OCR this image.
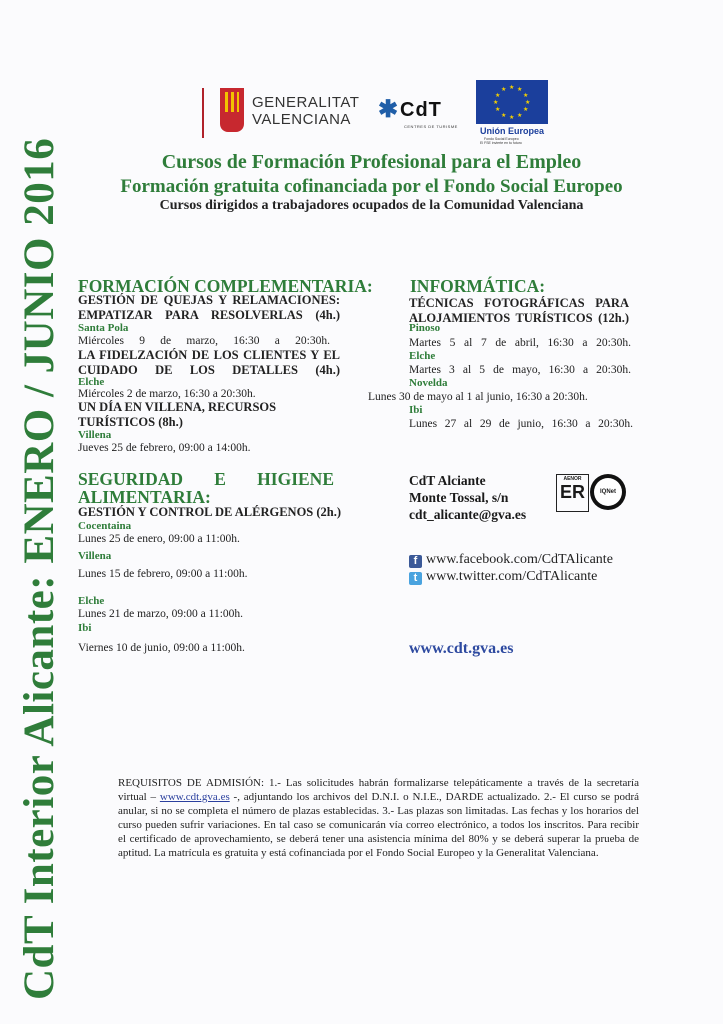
CdT Interior Alicante: ENERO / JUNIO 2016
GENERALITAT
VALENCIANA ✱ CdT
CENTRES DE TURISME
★ ★
★
★
★
★
★
★
★
★
★
★
Unión Europea
Fondo Social Europeo
El FSE invierte en tu futuro
Cursos de Formación Profesional para el Empleo
Formación gratuita cofinanciada por el Fondo Social Europeo
Cursos dirigidos a trabajadores ocupados de la Comunidad Valenciana
FORMACIÓN COMPLEMENTARIA:
GESTIÓN DE QUEJAS Y RELAMACIONES: EMPATIZAR PARA RESOLVERLAS (4h.)
Santa Pola
Miércoles 9 de marzo, 16:30 a 20:30h.
LA FIDELZACIÓN DE LOS CLIENTES Y EL CUIDADO DE LOS DETALLES (4h.)
Elche
Miércoles 2 de marzo, 16:30 a 20:30h.
UN DÍA EN VILLENA, RECURSOS TURÍSTICOS (8h.)
Villena
Jueves 25 de febrero, 09:00 a 14:00h.
SEGURIDAD E HIGIENE ALIMENTARIA:
GESTIÓN Y CONTROL DE ALÉRGENOS (2h.)
Cocentaina
Lunes 25 de enero, 09:00 a 11:00h.
Villena
Lunes 15 de febrero, 09:00 a 11:00h.
Elche
Lunes 21 de marzo, 09:00 a 11:00h.
Ibi
Viernes 10 de junio, 09:00 a 11:00h.
INFORMÁTICA:
TÉCNICAS FOTOGRÁFICAS PARA ALOJAMIENTOS TURÍSTICOS (12h.)
Pinoso
Martes 5 al 7 de abril, 16:30 a 20:30h.
Elche
Martes 3 al 5 de mayo, 16:30 a 20:30h.
Novelda
Lunes 30 de mayo al 1 al junio, 16:30 a 20:30h.
Ibi
Lunes 27 al 29 de junio, 16:30 a 20:30h.
CdT Alciante
Monte Tossal, s/n
cdt_alicante@gva.es
AENOR
ER	IQNet
f www.facebook.com/CdTAlicante
t www.twitter.com/CdTAlicante
www.cdt.gva.es
REQUISITOS DE ADMISIÓN: 1.- Las solicitudes habrán formalizarse telepáticamente a través de la secretaría virtual – www.cdt.gva.es -, adjuntando los archivos del D.N.I. o N.I.E., DARDE actualizado. 2.- El curso se podrá anular, si no se completa el número de plazas establecidas. 3.- Las plazas son limitadas. Las fechas y los horarios del curso pueden sufrir variaciones. En tal caso se comunicarán vía correo electrónico, a todos los inscritos. Para recibir el certificado de aprovechamiento, se deberá tener una asistencia mínima del 80% y se deberá superar la prueba de aptitud. La matrícula es gratuita y está cofinanciada por el Fondo Social Europeo y la Generalitat Valenciana.
